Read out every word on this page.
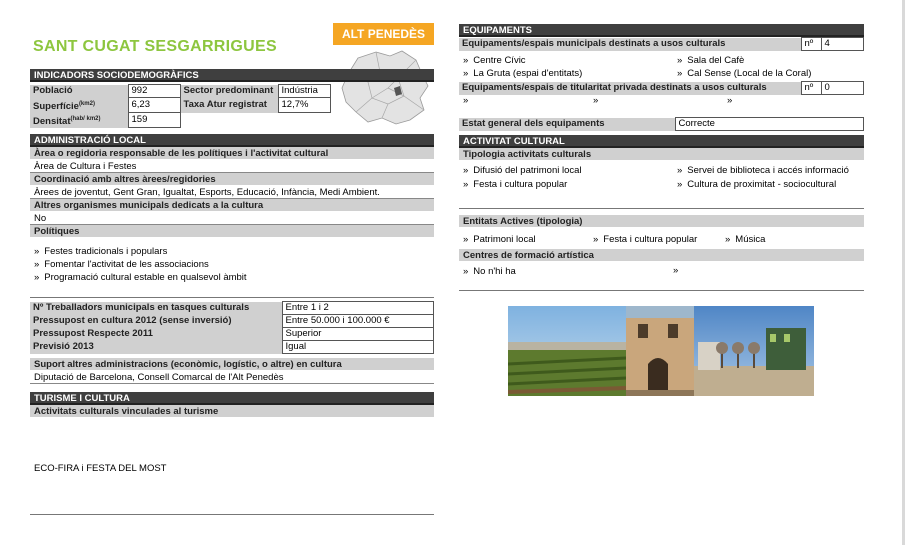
SANT CUGAT SESGARRIGUES
ALT PENEDÈS
INDICADORS SOCIODEMOGRÀFICS
Població	992	Sector predominant	Indústria
Superfície$^{(km2)}$	6,23	Taxa Atur registrat	12,7%
Densitat$^{(hab/ km2)}$	159		
ADMINISTRACIÓ LOCAL
Àrea o regidoria responsable de les polítiques i l'activitat cultural
Àrea de Cultura i Festes
Coordinació amb altres àrees/regidories
Àrees de joventut, Gent Gran, Igualtat, Esports, Educació, Infància, Medi Ambient.
Altres organismes municipals dedicats a la cultura
No
Polítiques
» Festes tradicionals i populars
» Fomentar l'activitat de les associacions
» Programació cultural estable en qualsevol àmbit
Nº Treballadors municipals en tasques culturals	Entre 1 i 2
Pressupost en cultura 2012 (sense inversió)	Entre 50.000 i 100.000 €
Pressupost Respecte 2011	Superior
Previsió 2013	Igual
Suport altres administracions (econòmic, logístic, o altre) en cultura
Diputació de Barcelona, Consell Comarcal de l'Alt Penedès
TURISME I CULTURA
Activitats culturals vinculades al turisme
ECO-FIRA i FESTA DEL MOST
EQUIPAMENTS
Equipaments/espais municipals destinats a usos culturals	nº	4
» Centre Cívic	» Sala del Cafè
» La Gruta (espai d'entitats)	» Cal Sense (Local de la Coral)
Equipaments/espais de titularitat privada destinats a usos culturals	nº	0
»	»	»
Estat general dels equipaments	Correcte
ACTIVITAT CULTURAL
Tipologia activitats culturals
» Difusió del patrimoni local	» Servei de biblioteca i accés informació
» Festa i cultura popular	» Cultura de proximitat - sociocultural
Entitats Actives (tipologia)
» Patrimoni local	» Festa i cultura popular	» Música
Centres de formació artística
» No n'hi ha	»
